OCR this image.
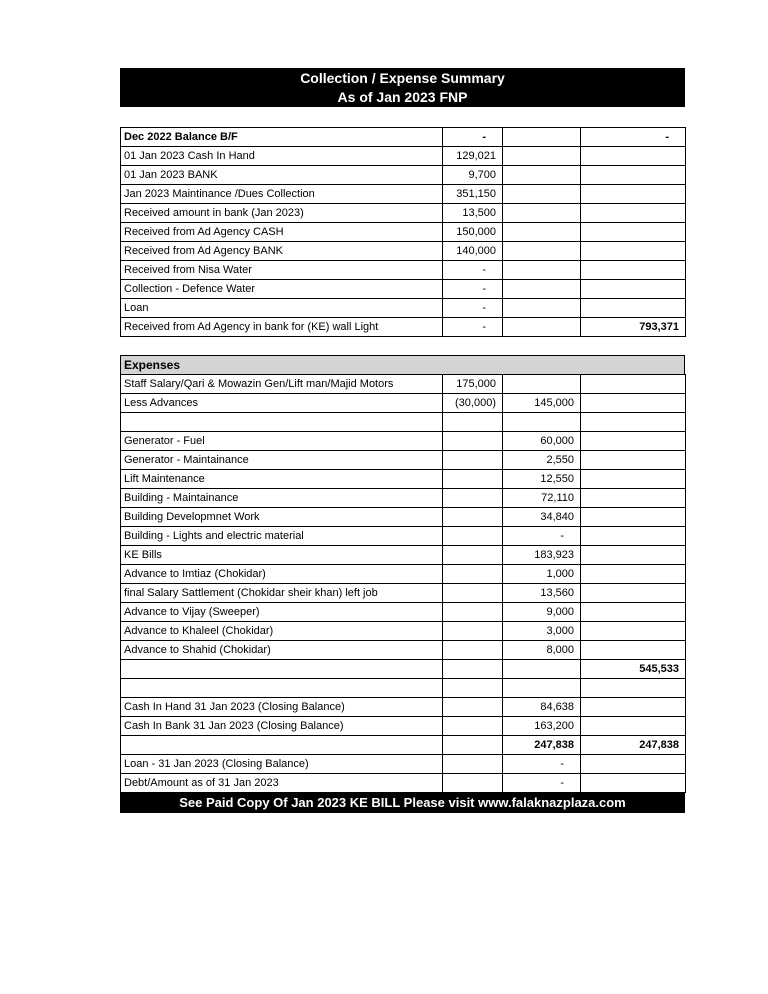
Collection / Expense Summary
As of Jan 2023 FNP
Dec 2022 Balance B/F	-		-
01 Jan 2023 Cash In Hand	129,021		
01 Jan 2023 BANK	9,700		
Jan 2023 Maintinance /Dues Collection	351,150		
Received amount in bank (Jan 2023)	13,500		
Received from Ad Agency CASH	150,000		
Received from Ad Agency BANK	140,000		
Received from Nisa Water	-		
Collection - Defence Water	-		
Loan	-		
Received from Ad Agency in bank for (KE) wall Light	-		793,371
Expenses
Staff Salary/Qari & Mowazin Gen/Lift man/Majid Motors	175,000		
Less Advances	(30,000)	145,000	

Generator - Fuel		60,000	
Generator - Maintainance		2,550	
Lift Maintenance		12,550	
Building - Maintainance		72,110	
Building Developmnet Work		34,840	
Building - Lights and electric material		-	
KE Bills		183,923	
Advance to Imtiaz (Chokidar)		1,000	
final Salary Sattlement (Chokidar sheir khan) left job		13,560	
Advance to Vijay (Sweeper)		9,000	
Advance to Khaleel (Chokidar)		3,000	
Advance to Shahid (Chokidar)		8,000	
			545,533

Cash In Hand 31 Jan 2023 (Closing Balance)		84,638	
Cash In Bank 31 Jan 2023 (Closing Balance)		163,200	
		247,838	247,838
Loan - 31 Jan 2023 (Closing Balance)		-	
Debt/Amount as of 31 Jan 2023		-	
See Paid Copy Of Jan 2023 KE BILL Please visit www.falaknazplaza.com
